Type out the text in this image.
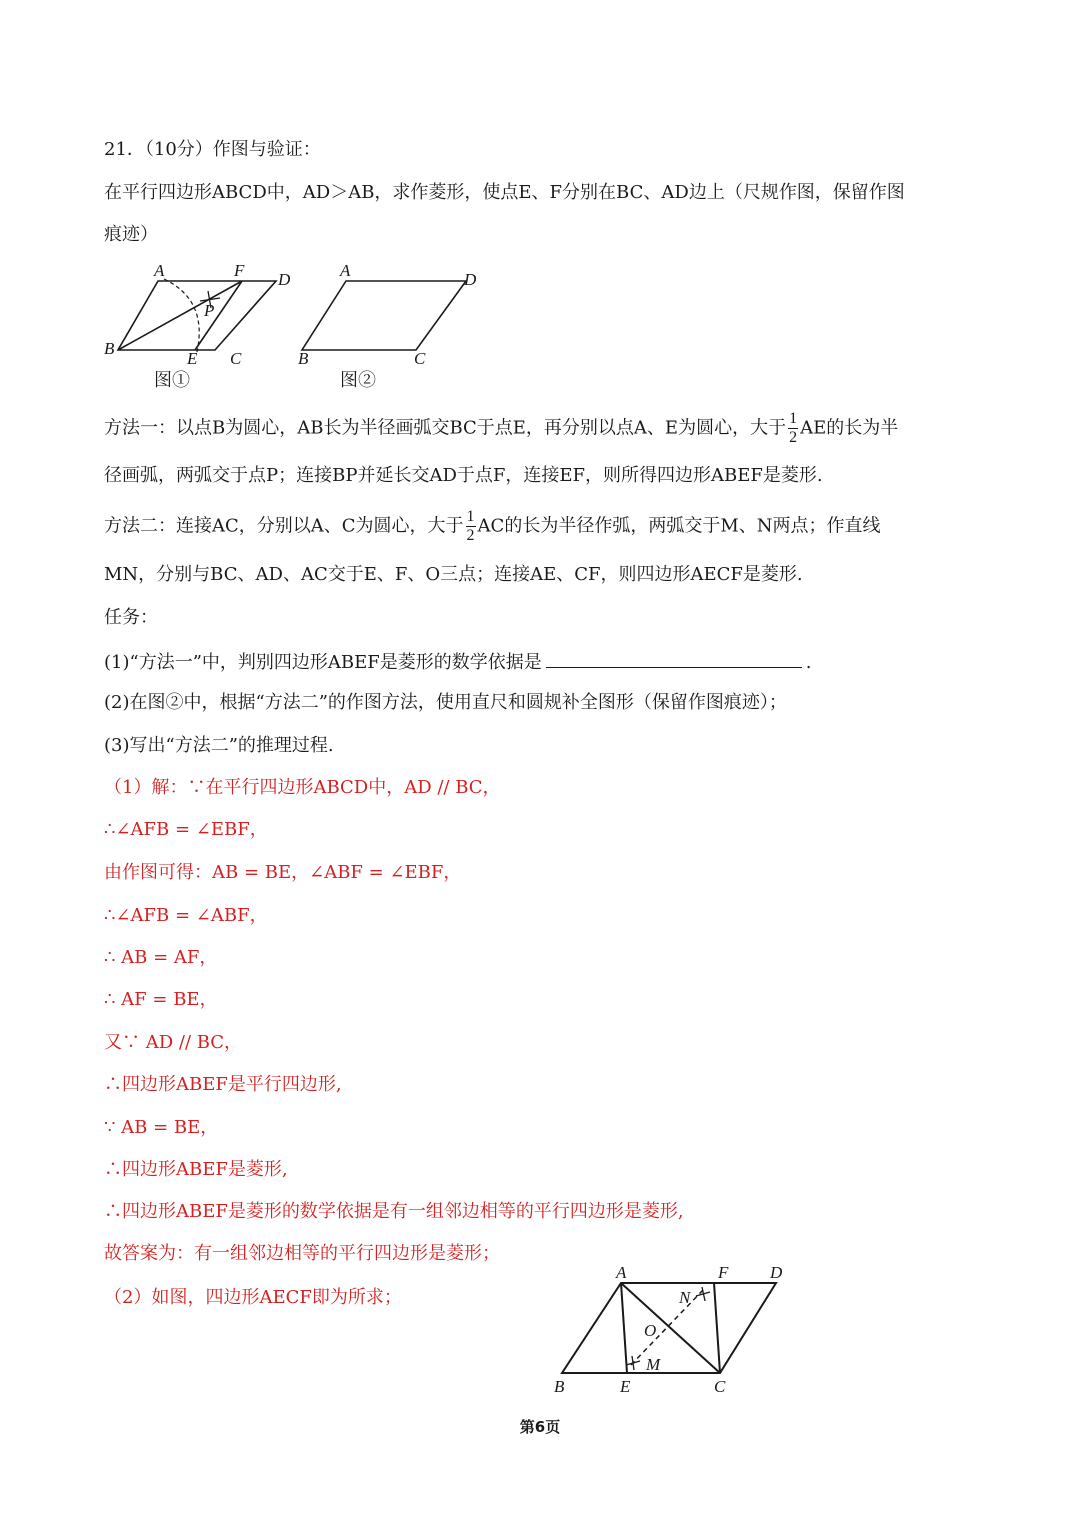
21．（10分）作图与验证：
在平行四边形ABCD中，AD＞AB，求作菱形，使点E、F分别在BC、AD边上（尺规作图，保留作图
痕迹）
A	F D
P
B
E C
图①
A	D
B	C
图②
方法一：以点B为圆心，AB长为半径画弧交BC于点E，再分别以点A、E为圆心，大于 $\frac{1}{2}$ AE的长为半
径画弧，两弧交于点P；连接BP并延长交AD于点F，连接EF，则所得四边形ABEF是菱形.
方法二：连接AC，分别以A、C为圆心，大于 $\frac{1}{2}$ AC的长为半径作弧，两弧交于M、N两点；作直线
MN，分别与BC、AD、AC交于E、F、O三点；连接AE、CF，则四边形AECF是菱形.
任务：
(1)“方法一”中，判别四边形ABEF是菱形的数学依据是	.
(2)在图②中，根据“方法二”的作图方法，使用直尺和圆规补全图形（保留作图痕迹）；
(3)写出“方法二”的推理过程.
（1）解：∵在平行四边形ABCD中，AD // BC，
∴∠AFB = ∠EBF，
由作图可得：AB = BE，∠ABF = ∠EBF，
∴∠AFB = ∠ABF，
∴ AB = AF，
∴ AF = BE，
又∵ AD // BC，
∴四边形ABEF是平行四边形,
∵ AB = BE，
∴四边形ABEF是菱形,
∴四边形ABEF是菱形的数学依据是有一组邻边相等的平行四边形是菱形,
故答案为：有一组邻边相等的平行四边形是菱形；
（2）如图，四边形AECF即为所求；
A	F D
N
O
M
B	E	C
第6页
